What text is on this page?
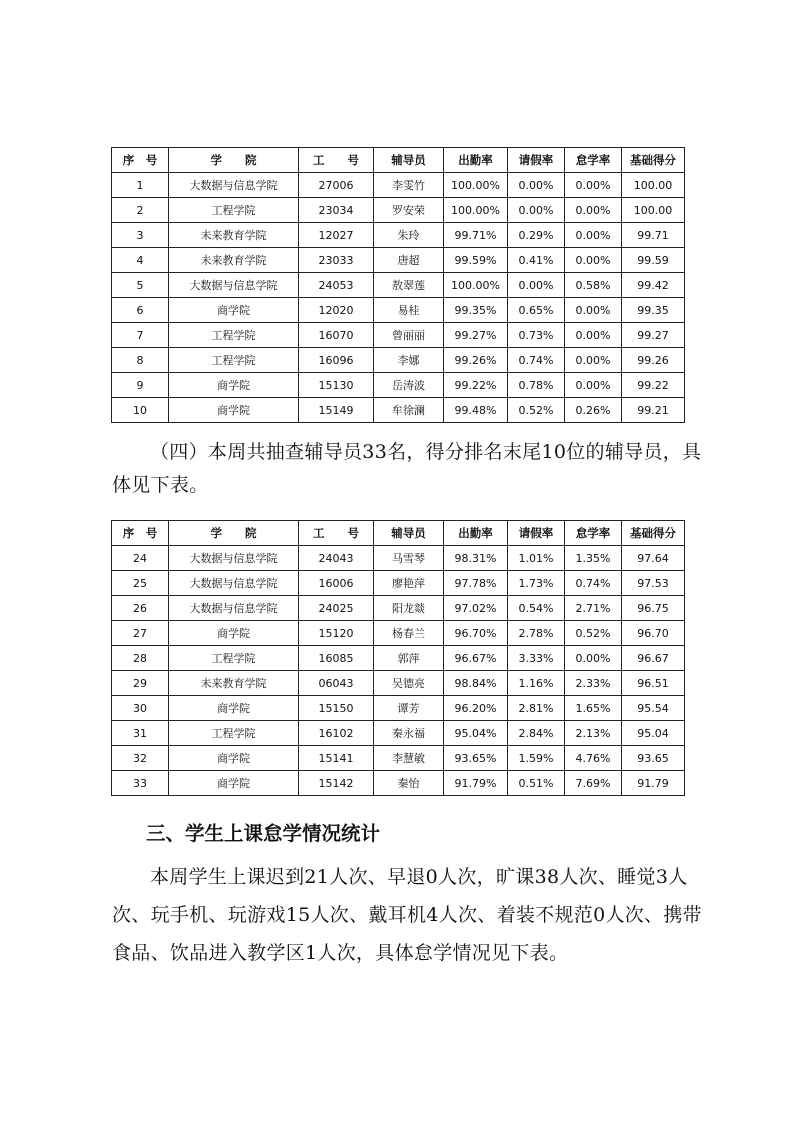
序　号	学　　院	工　　号	辅导员	出勤率	请假率	怠学率	基础得分
1	大数据与信息学院	27006	李雯竹	100.00%	0.00%	0.00%	100.00
2	工程学院	23034	罗安荣	100.00%	0.00%	0.00%	100.00
3	未来教育学院	12027	朱玲	99.71%	0.29%	0.00%	99.71
4	未来教育学院	23033	唐超	99.59%	0.41%	0.00%	99.59
5	大数据与信息学院	24053	敖翠莲	100.00%	0.00%	0.58%	99.42
6	商学院	12020	易桂	99.35%	0.65%	0.00%	99.35
7	工程学院	16070	曾丽丽	99.27%	0.73%	0.00%	99.27
8	工程学院	16096	李娜	99.26%	0.74%	0.00%	99.26
9	商学院	15130	岳涛波	99.22%	0.78%	0.00%	99.22
10	商学院	15149	牟徐澜	99.48%	0.52%	0.26%	99.21
（四）本周共抽查辅导员33名，得分排名末尾10位的辅导员，具体见下表。
序　号	学　　院	工　　号	辅导员	出勤率	请假率	怠学率	基础得分
24	大数据与信息学院	24043	马雪琴	98.31%	1.01%	1.35%	97.64
25	大数据与信息学院	16006	廖艳萍	97.78%	1.73%	0.74%	97.53
26	大数据与信息学院	24025	阳龙燚	97.02%	0.54%	2.71%	96.75
27	商学院	15120	杨春兰	96.70%	2.78%	0.52%	96.70
28	工程学院	16085	郭萍	96.67%	3.33%	0.00%	96.67
29	未来教育学院	06043	吴德亮	98.84%	1.16%	2.33%	96.51
30	商学院	15150	谭芳	96.20%	2.81%	1.65%	95.54
31	工程学院	16102	秦永福	95.04%	2.84%	2.13%	95.04
32	商学院	15141	李慧敏	93.65%	1.59%	4.76%	93.65
33	商学院	15142	秦怡	91.79%	0.51%	7.69%	91.79
三、学生上课怠学情况统计
本周学生上课迟到21人次、早退0人次，旷课38人次、睡觉3人次、玩手机、玩游戏15人次、戴耳机4人次、着装不规范0人次、携带食品、饮品进入教学区1人次，具体怠学情况见下表。
